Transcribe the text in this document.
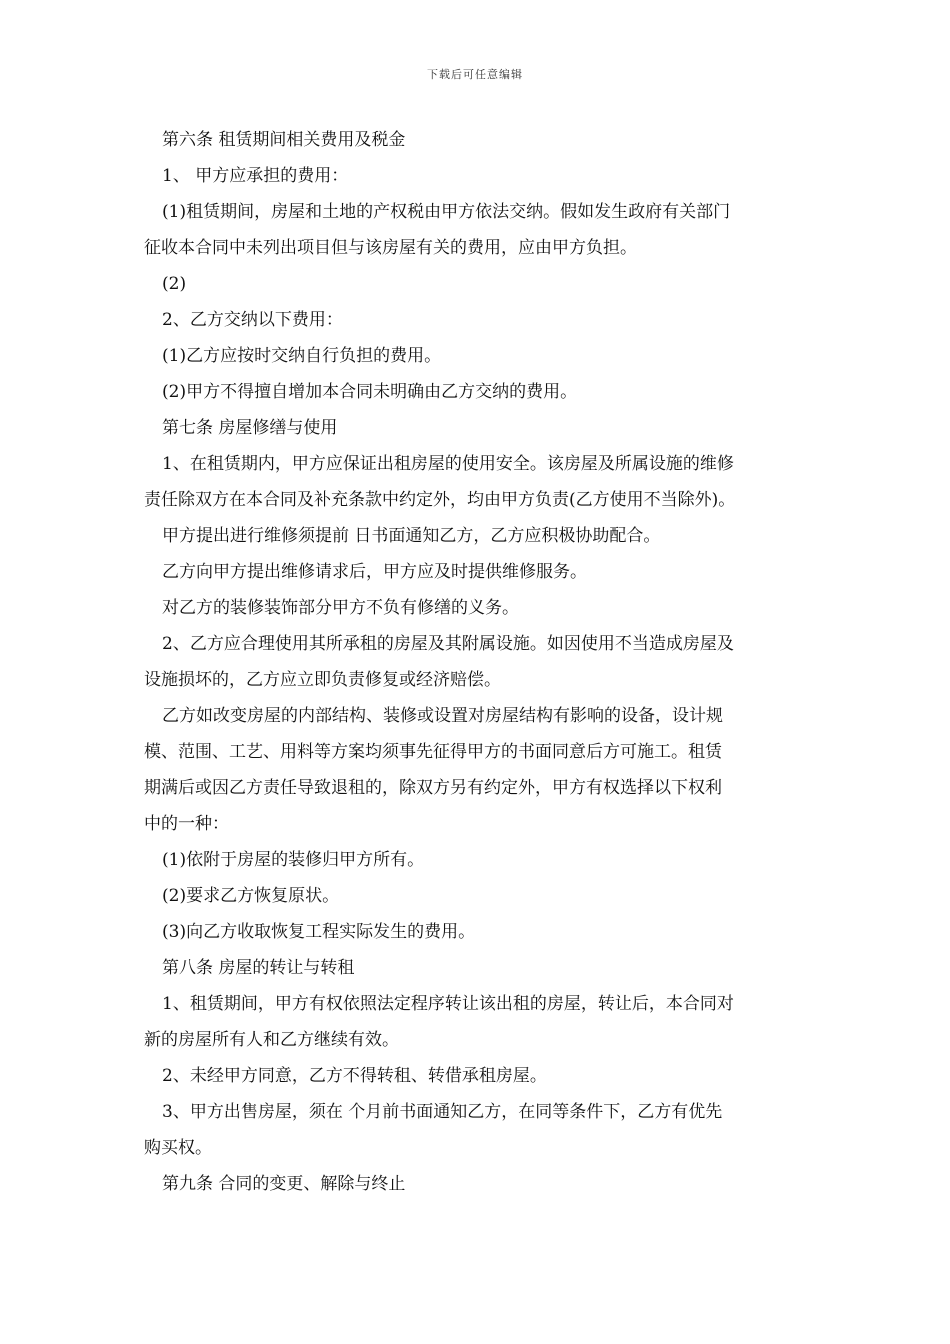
下载后可任意编辑

第六条 租赁期间相关费用及税金

1、 甲方应承担的费用：

(1)租赁期间，房屋和土地的产权税由甲方依法交纳。假如发生政府有关部门

征收本合同中未列出项目但与该房屋有关的费用，应由甲方负担。

(2)

2、乙方交纳以下费用：

(1)乙方应按时交纳自行负担的费用。

(2)甲方不得擅自增加本合同未明确由乙方交纳的费用。

第七条 房屋修缮与使用

1、在租赁期内，甲方应保证出租房屋的使用安全。该房屋及所属设施的维修

责任除双方在本合同及补充条款中约定外，均由甲方负责(乙方使用不当除外)。

甲方提出进行维修须提前 日书面通知乙方，乙方应积极协助配合。

乙方向甲方提出维修请求后，甲方应及时提供维修服务。

对乙方的装修装饰部分甲方不负有修缮的义务。

2、乙方应合理使用其所承租的房屋及其附属设施。如因使用不当造成房屋及

设施损坏的，乙方应立即负责修复或经济赔偿。

乙方如改变房屋的内部结构、装修或设置对房屋结构有影响的设备，设计规

模、范围、工艺、用料等方案均须事先征得甲方的书面同意后方可施工。租赁

期满后或因乙方责任导致退租的，除双方另有约定外，甲方有权选择以下权利

中的一种：

(1)依附于房屋的装修归甲方所有。

(2)要求乙方恢复原状。

(3)向乙方收取恢复工程实际发生的费用。

第八条 房屋的转让与转租

1、租赁期间，甲方有权依照法定程序转让该出租的房屋，转让后，本合同对

新的房屋所有人和乙方继续有效。

2、未经甲方同意，乙方不得转租、转借承租房屋。

3、甲方出售房屋，须在 个月前书面通知乙方，在同等条件下，乙方有优先

购买权。

第九条 合同的变更、解除与终止
